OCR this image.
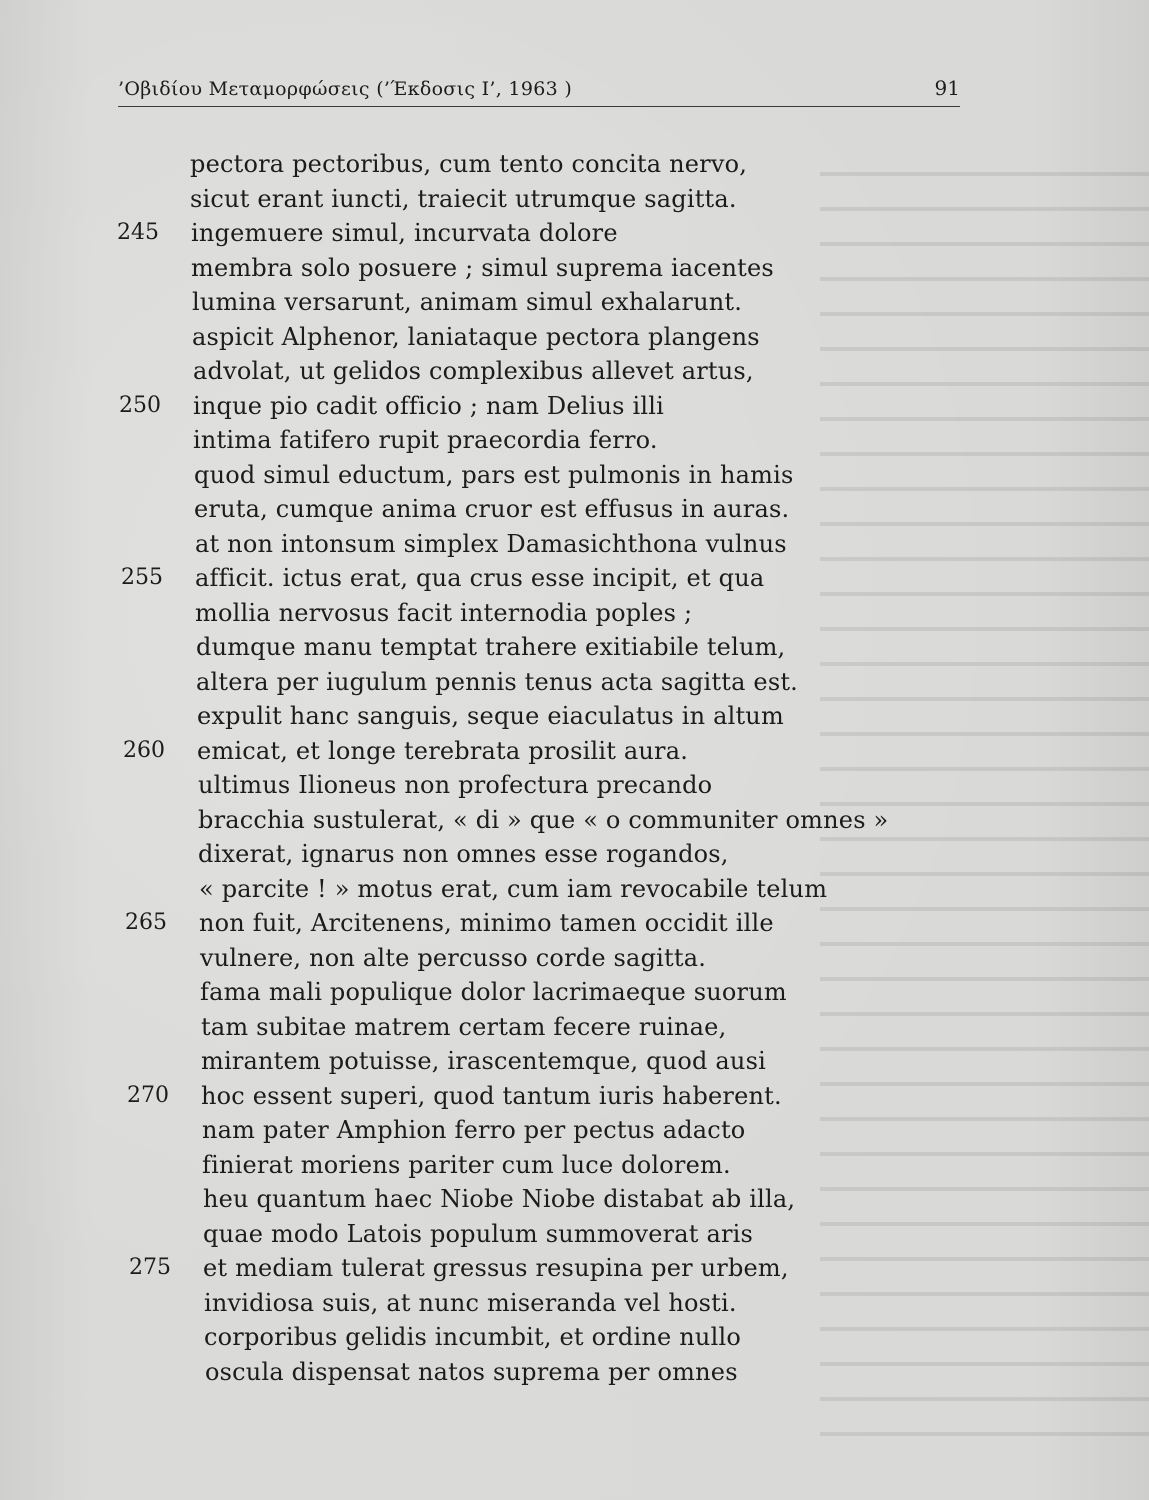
’Οβιδίου Μεταμορφώσεις (’Έκδοσις Ι’, 1963 )	91
pectora pectoribus, cum tento concita nervo,
sicut erant iuncti, traiecit utrumque sagitta.
245	ingemuere simul, incurvata dolore
membra solo posuere ; simul suprema iacentes
lumina versarunt, animam simul exhalarunt.
aspicit Alphenor, laniataque pectora plangens
advolat, ut gelidos complexibus allevet artus,
250	inque pio cadit officio ; nam Delius illi
intima fatifero rupit praecordia ferro.
quod simul eductum, pars est pulmonis in hamis
eruta, cumque anima cruor est effusus in auras.
at non intonsum simplex Damasichthona vulnus
255	afficit. ictus erat, qua crus esse incipit, et qua
mollia nervosus facit internodia poples ;
dumque manu temptat trahere exitiabile telum,
altera per iugulum pennis tenus acta sagitta est.
expulit hanc sanguis, seque eiaculatus in altum
260	emicat, et longe terebrata prosilit aura.
ultimus Ilioneus non profectura precando
bracchia sustulerat, « di » que « o communiter omnes »
dixerat, ignarus non omnes esse rogandos,
« parcite ! » motus erat, cum iam revocabile telum
265	non fuit, Arcitenens, minimo tamen occidit ille
vulnere, non alte percusso corde sagitta.
fama mali populique dolor lacrimaeque suorum
tam subitae matrem certam fecere ruinae,
mirantem potuisse, irascentemque, quod ausi
270	hoc essent superi, quod tantum iuris haberent.
nam pater Amphion ferro per pectus adacto
finierat moriens pariter cum luce dolorem.
heu quantum haec Niobe Niobe distabat ab illa,
quae modo Latois populum summoverat aris
275	et mediam tulerat gressus resupina per urbem,
invidiosa suis, at nunc miseranda vel hosti.
corporibus gelidis incumbit, et ordine nullo
oscula dispensat natos suprema per omnes
